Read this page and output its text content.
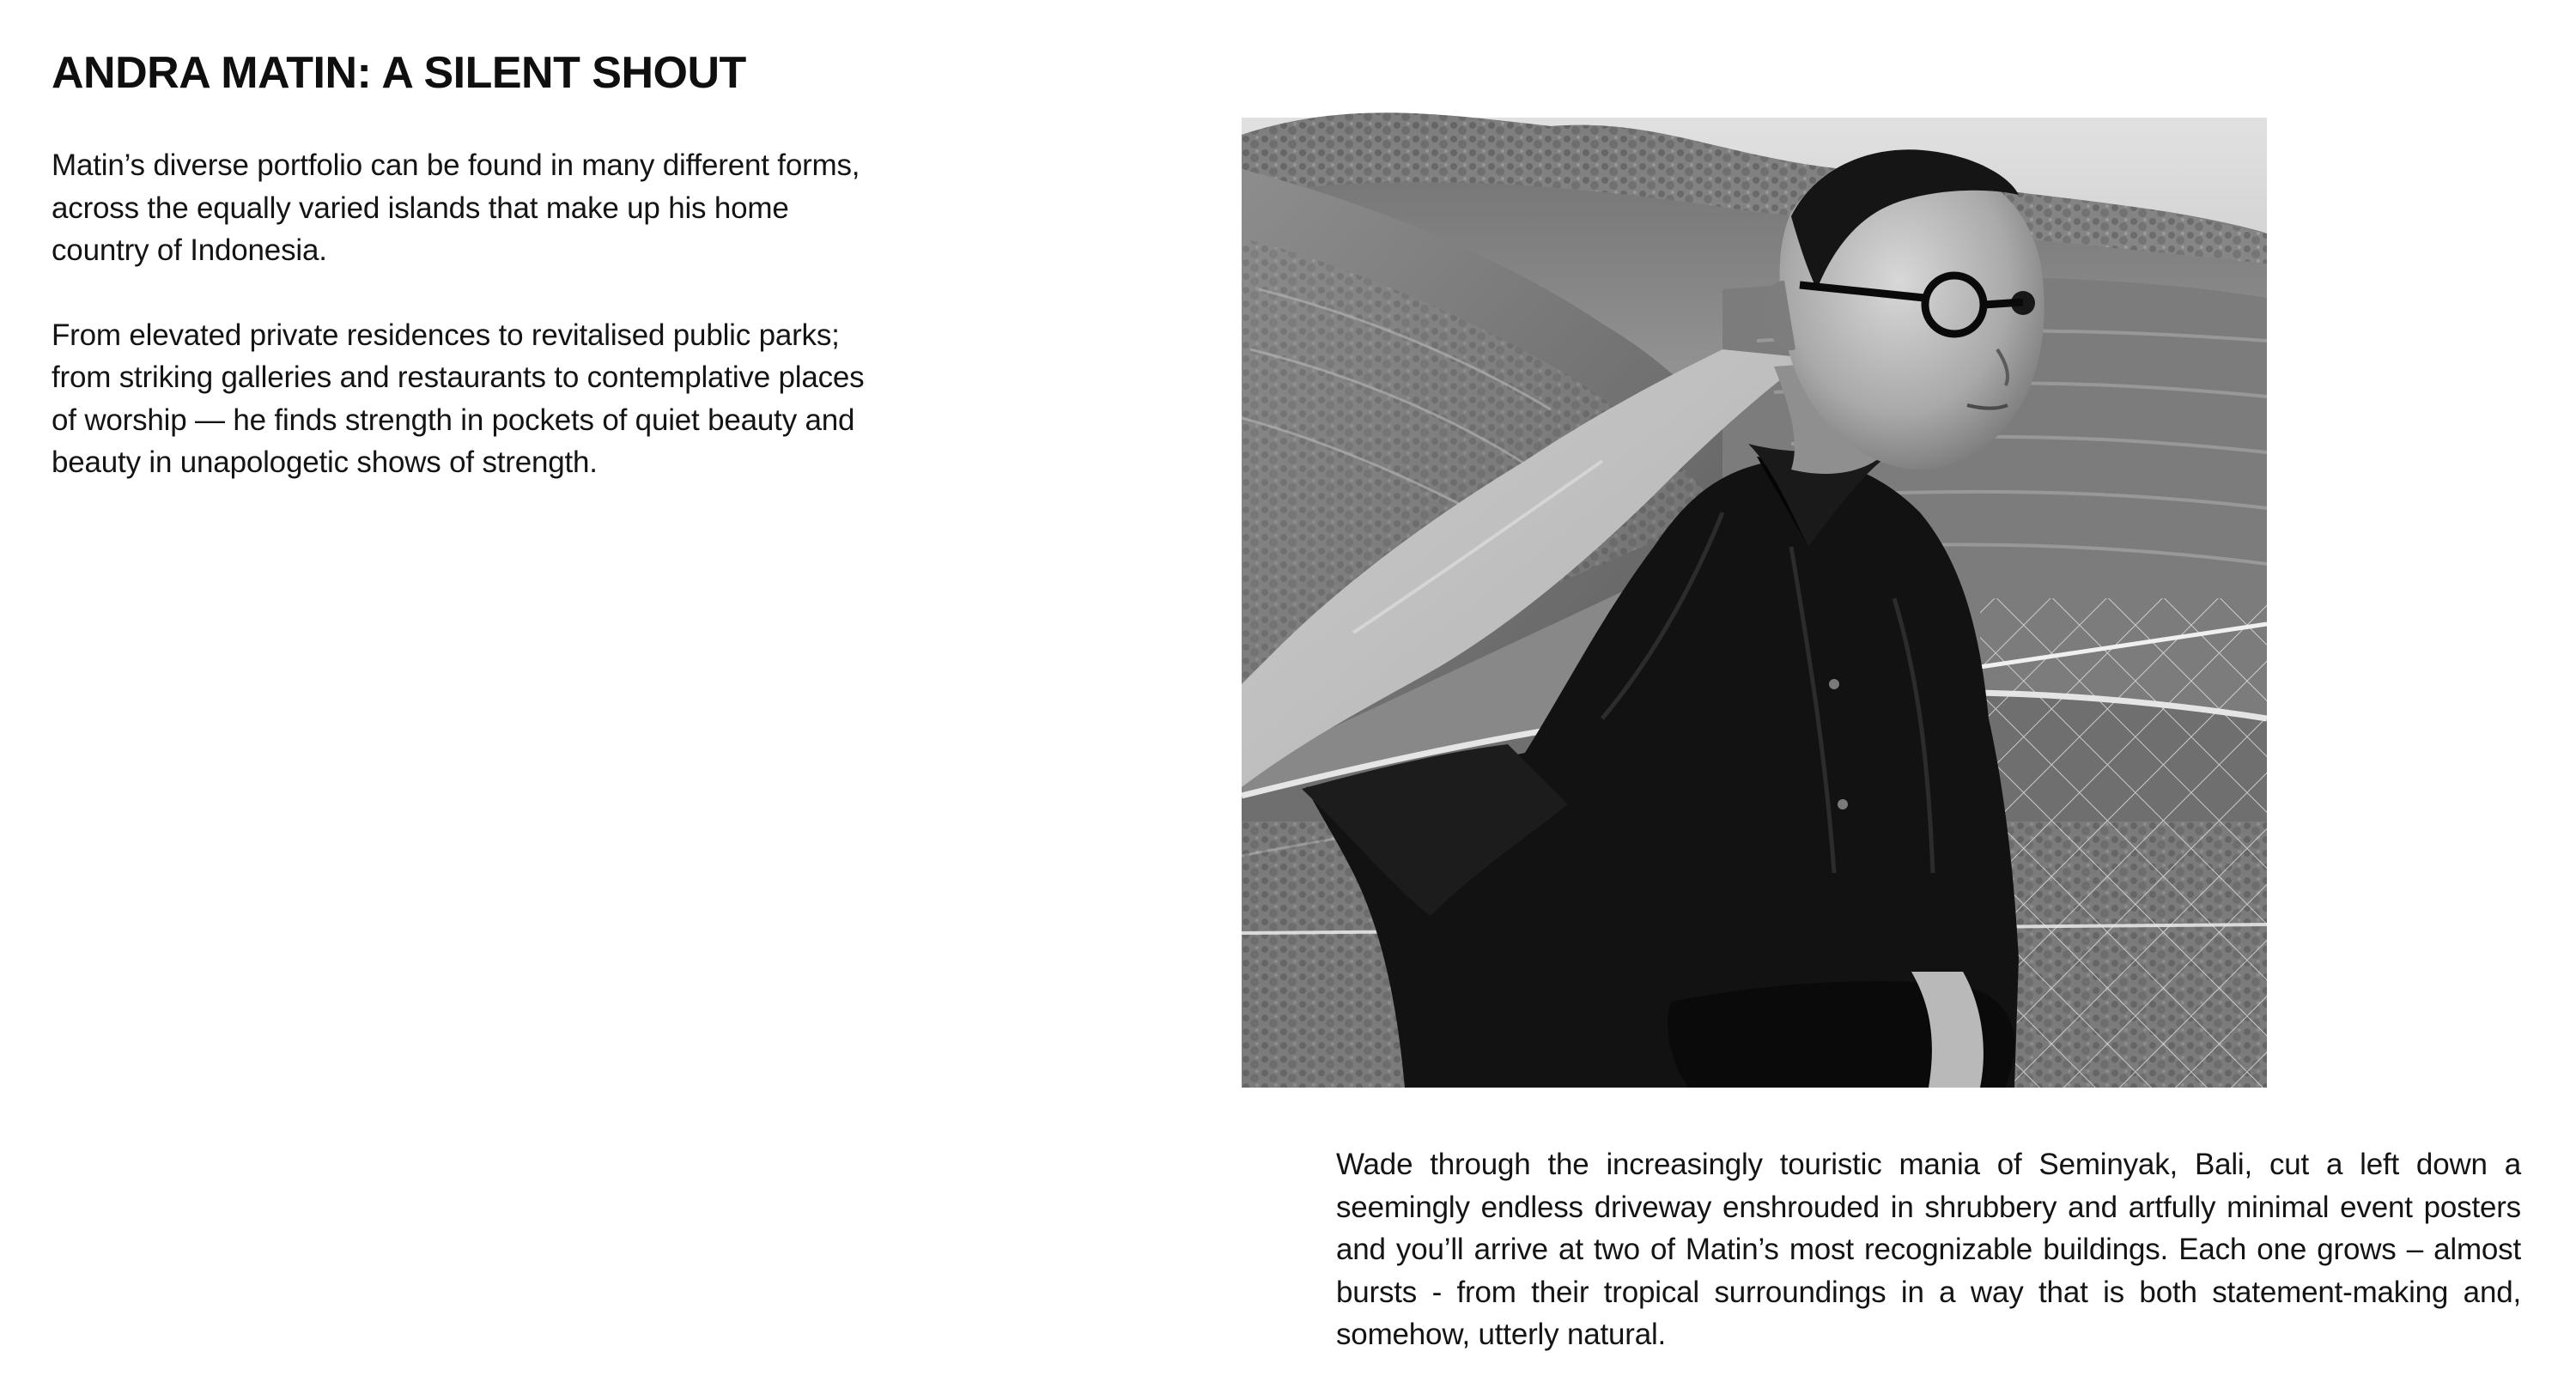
ANDRA MATIN: A SILENT SHOUT

Matin’s diverse portfolio can be found in many different forms,
across the equally varied islands that make up his home
country of Indonesia.

From elevated private residences to revitalised public parks;
from striking galleries and restaurants to contemplative places
of worship — he finds strength in pockets of quiet beauty and
beauty in unapologetic shows of strength.

Wade through the increasingly touristic mania of Seminyak, Bali, cut a left down a seemingly endless driveway enshrouded in shrubbery and artfully minimal event posters and you’ll arrive at two of Matin’s most recognizable buildings. Each one grows – almost bursts - from their tropical surroundings in a way that is both statement-making and, somehow, utterly natural.
